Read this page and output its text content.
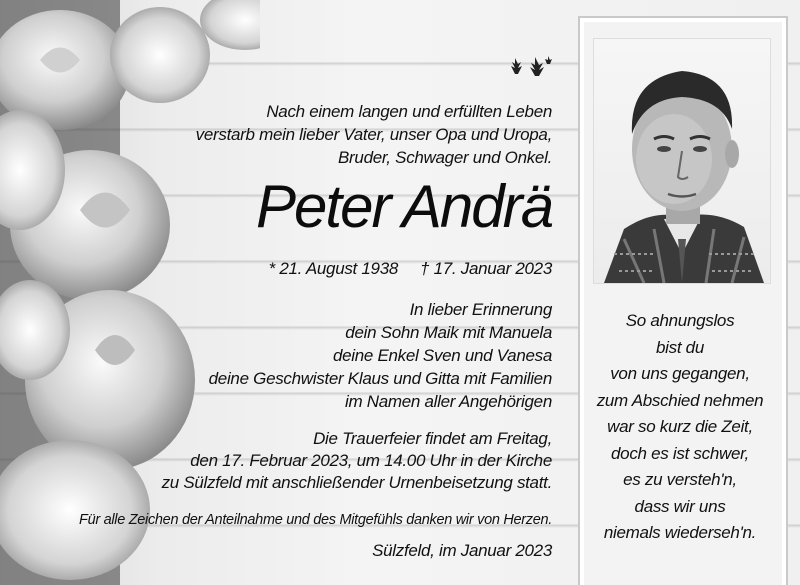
Nach einem langen und erfüllten Leben
verstarb mein lieber Vater, unser Opa und Uropa,
Bruder, Schwager und Onkel.
Peter Andrä
* 21. August 1938 † 17. Januar 2023
In lieber Erinnerung
dein Sohn Maik mit Manuela
deine Enkel Sven und Vanesa
deine Geschwister Klaus und Gitta mit Familien
im Namen aller Angehörigen
Die Trauerfeier findet am Freitag,
den 17. Februar 2023, um 14.00 Uhr in der Kirche
zu Sülzfeld mit anschließender Urnenbeisetzung statt.
Für alle Zeichen der Anteilnahme und des Mitgefühls danken wir von Herzen.
Sülzfeld, im Januar 2023
So ahnungslos
bist du
von uns gegangen,
zum Abschied nehmen
war so kurz die Zeit,
doch es ist schwer,
es zu versteh'n,
dass wir uns
niemals wiederseh'n.
